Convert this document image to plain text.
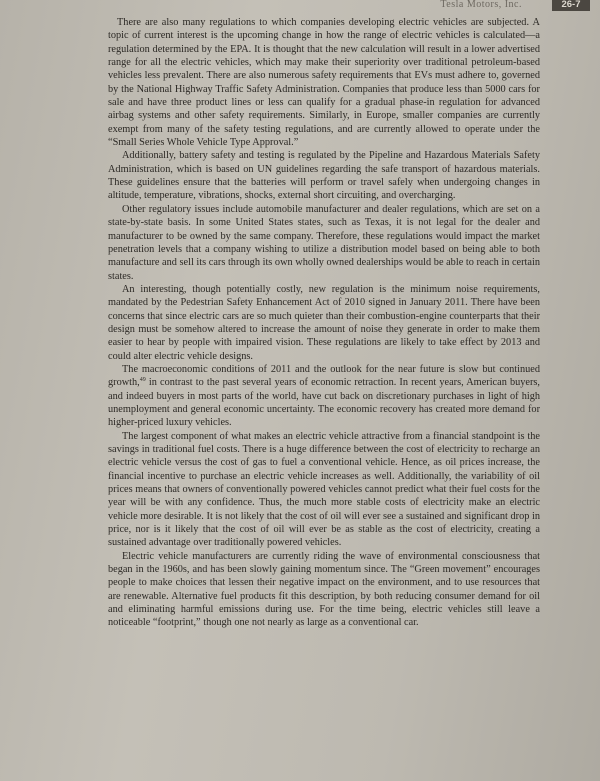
Tesla Motors, Inc.	26-7

There are also many regulations to which companies developing electric vehicles are subjected. A topic of current interest is the upcoming change in how the range of electric vehicles is calculated—a regulation determined by the EPA. It is thought that the new calculation will result in a lower advertised range for all the electric vehicles, which may make their superiority over traditional petroleum-based vehicles less prevalent. There are also numerous safety requirements that EVs must adhere to, governed by the National Highway Traffic Safety Administration. Companies that produce less than 5000 cars for sale and have three product lines or less can qualify for a gradual phase-in regulation for advanced airbag systems and other safety requirements. Similarly, in Europe, smaller companies are currently exempt from many of the safety testing regulations, and are currently allowed to operate under the “Small Series Whole Vehicle Type Approval.”

Additionally, battery safety and testing is regulated by the Pipeline and Hazardous Materials Safety Administration, which is based on UN guidelines regarding the safe transport of hazardous materials. These guidelines ensure that the batteries will perform or travel safely when undergoing changes in altitude, temperature, vibrations, shocks, external short circuiting, and overcharging.

Other regulatory issues include automobile manufacturer and dealer regulations, which are set on a state-by-state basis. In some United States states, such as Texas, it is not legal for the dealer and manufacturer to be owned by the same company. Therefore, these regulations would impact the market penetration levels that a company wishing to utilize a distribution model based on being able to both manufacture and sell its cars through its own wholly owned dealerships would be able to reach in certain states.

An interesting, though potentially costly, new regulation is the minimum noise requirements, mandated by the Pedestrian Safety Enhancement Act of 2010 signed in January 2011. There have been concerns that since electric cars are so much quieter than their combustion-engine counterparts that their design must be somehow altered to increase the amount of noise they generate in order to make them easier to hear by people with impaired vision. These regulations are likely to take effect by 2013 and could alter electric vehicle designs.

The macroeconomic conditions of 2011 and the outlook for the near future is slow but continued growth,$^{49}$ in contrast to the past several years of economic retraction. In recent years, American buyers, and indeed buyers in most parts of the world, have cut back on discretionary purchases in light of high unemployment and general economic uncertainty. The economic recovery has created more demand for higher-priced luxury vehicles.

The largest component of what makes an electric vehicle attractive from a financial standpoint is the savings in traditional fuel costs. There is a huge difference between the cost of electricity to recharge an electric vehicle versus the cost of gas to fuel a conventional vehicle. Hence, as oil prices increase, the financial incentive to purchase an electric vehicle increases as well. Additionally, the variability of oil prices means that owners of conventionally powered vehicles cannot predict what their fuel costs for the year will be with any confidence. Thus, the much more stable costs of electricity make an electric vehicle more desirable. It is not likely that the cost of oil will ever see a sustained and significant drop in price, nor is it likely that the cost of oil will ever be as stable as the cost of electricity, creating a sustained advantage over traditionally powered vehicles.

Electric vehicle manufacturers are currently riding the wave of environmental consciousness that began in the 1960s, and has been slowly gaining momentum since. The “Green movement” encourages people to make choices that lessen their negative impact on the environment, and to use resources that are renewable. Alternative fuel products fit this description, by both reducing consumer demand for oil and eliminating harmful emissions during use. For the time being, electric vehicles still leave a noticeable “footprint,” though one not nearly as large as a conventional car.
